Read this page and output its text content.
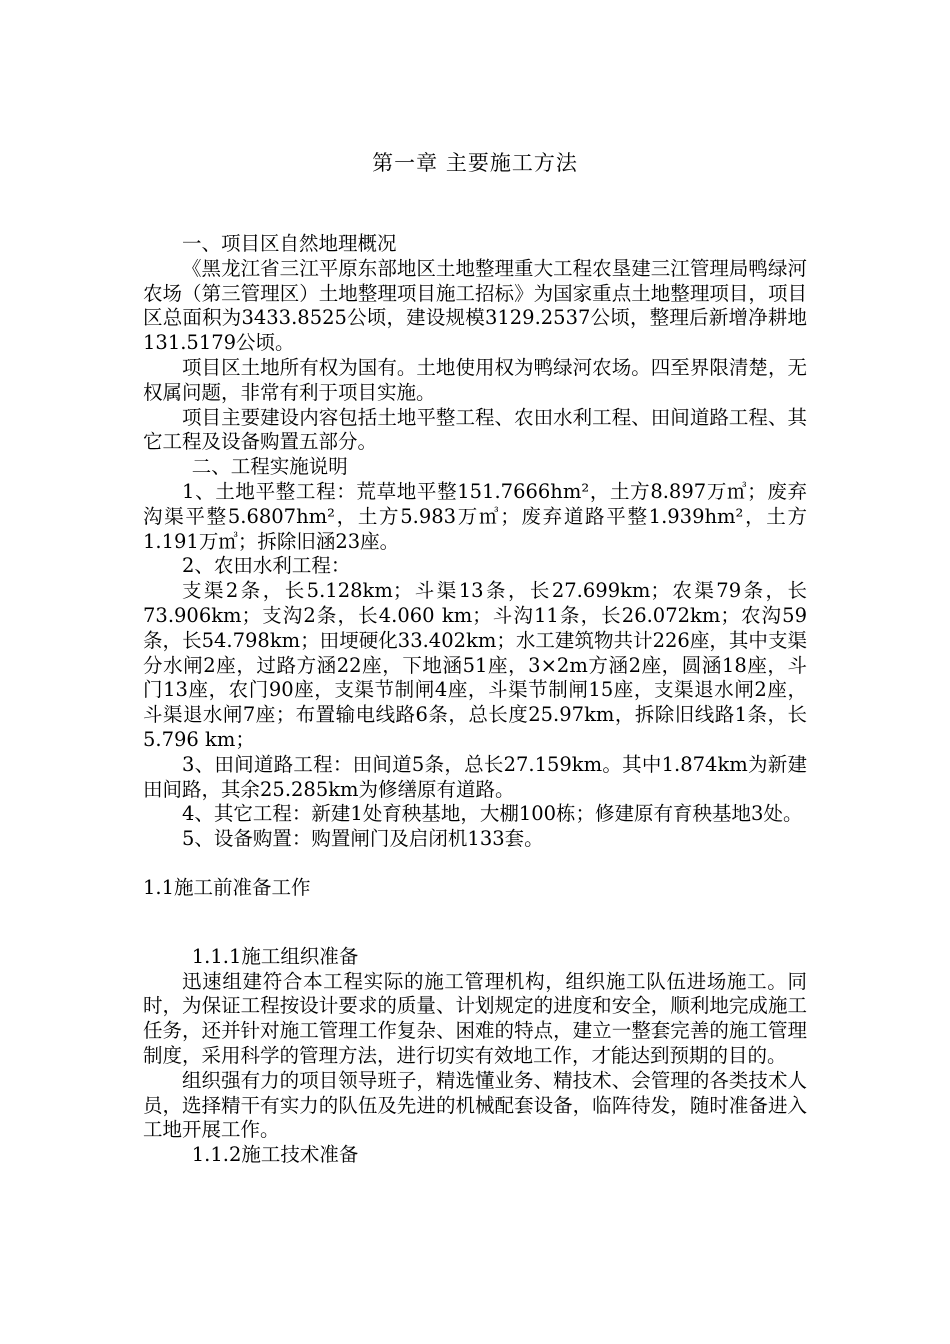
第一章 主要施工方法

一、项目区自然地理概况

《黑龙江省三江平原东部地区土地整理重大工程农垦建三江管理局鸭绿河农场（第三管理区）土地整理项目施工招标》为国家重点土地整理项目，项目区总面积为3433.8525公顷，建设规模3129.2537公顷，整理后新增净耕地131.5179公顷。

项目区土地所有权为国有。土地使用权为鸭绿河农场。四至界限清楚，无权属问题，非常有利于项目实施。

项目主要建设内容包括土地平整工程、农田水利工程、田间道路工程、其它工程及设备购置五部分。

二、工程实施说明

1、土地平整工程：荒草地平整151.7666hm²，土方8.897万㎥；废弃沟渠平整5.6807hm²，土方5.983万㎥；废弃道路平整1.939hm²，土方1.191万㎥；拆除旧涵23座。

2、农田水利工程：

支渠2条，长5.128km；斗渠13条，长27.699km；农渠79条，长73.906km；支沟2条，长4.060 km；斗沟11条，长26.072km；农沟59条，长54.798km；田埂硬化33.402km；水工建筑物共计226座，其中支渠分水闸2座，过路方涵22座，下地涵51座，3×2m方涵2座，圆涵18座，斗门13座，农门90座，支渠节制闸4座，斗渠节制闸15座，支渠退水闸2座，斗渠退水闸7座；布置输电线路6条，总长度25.97km，拆除旧线路1条，长5.796 km；

3、田间道路工程：田间道5条，总长27.159km。其中1.874km为新建田间路，其余25.285km为修缮原有道路。

4、其它工程：新建1处育秧基地，大棚100栋；修建原有育秧基地3处。

5、设备购置：购置闸门及启闭机133套。

1.1施工前准备工作

1.1.1施工组织准备

迅速组建符合本工程实际的施工管理机构，组织施工队伍进场施工。同时，为保证工程按设计要求的质量、计划规定的进度和安全，顺利地完成施工任务，还并针对施工管理工作复杂、困难的特点，建立一整套完善的施工管理制度，采用科学的管理方法，进行切实有效地工作，才能达到预期的目的。

组织强有力的项目领导班子，精选懂业务、精技术、会管理的各类技术人员，选择精干有实力的队伍及先进的机械配套设备，临阵待发，随时准备进入工地开展工作。

1.1.2施工技术准备
